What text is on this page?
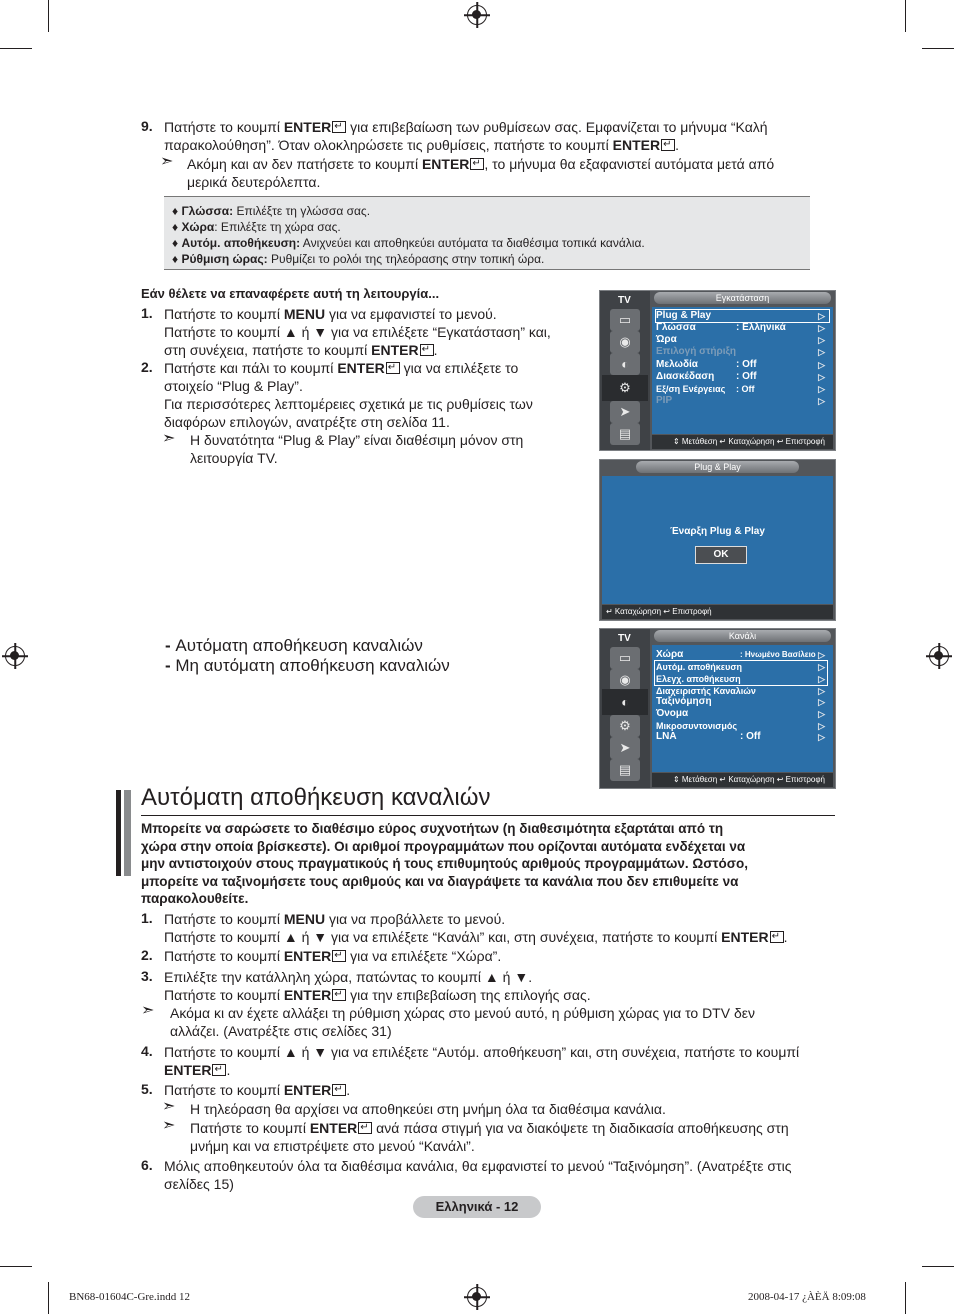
9. Πατήστε το κουμπί ENTER↵ για επιβεβαίωση των ρυθμίσεων σας. Εμφανίζεται το μήνυμα “Καλή
παρακολούθηση”. Όταν ολοκληρώσετε τις ρυθμίσεις, πατήστε το κουμπί ENTER ↵ .
➣ Ακόμη και αν δεν πατήσετε το κουμπί ENTER ↵ , το μήνυμα θα εξαφανιστεί αυτόματα μετά από
μερικά δευτερόλεπτα.
♦ Γλώσσα: Επιλέξτε τη γλώσσα σας.
♦ Χώρα: Επιλέξτε τη χώρα σας.
♦ Αυτόμ. αποθήκευση: Ανιχνεύει και αποθηκεύει αυτόματα τα διαθέσιμα τοπικά κανάλια.
♦ Ρύθμιση ώρας: Ρυθμίζει το ρολόι της τηλεόρασης στην τοπική ώρα.
Εάν θέλετε να επαναφέρετε αυτή τη λειτουργία...
1. Πατήστε το κουμπί MENU για να εμφανιστεί το μενού.
Πατήστε το κουμπί ▲ ή ▼ για να επιλέξετε “Εγκατάσταση” και,
στη συνέχεια, πατήστε το κουμπί ENTER ↵ .
2. Πατήστε και πάλι το κουμπί ENTER↵ για να επιλέξετε το
στοιχείο “Plug & Play”.
Για περισσότερες λεπτομέρειες σχετικά με τις ρυθμίσεις των
διαφόρων επιλογών, ανατρέξτε στη σελίδα 11.
➣ Η δυνατότητα “Plug & Play” είναι διαθέσιμη μόνον στη
λειτουργία TV.
- Αυτόματη αποθήκευση καναλιών
- Μη αυτόματη αποθήκευση καναλιών
TV
▭
◉
◐
⚙
➤
▤
Εγκατάσταση
Plug & Play	▷
Γλώσσα	: Ελληνικά	▷
Ώρα	▷
Επιλογή στήριξη	▷
Μελωδία	: Off	▷
Διασκέδαση : Off	▷
Εξ/ση Ενέργειας : Off	▷
PIP	▷
⇕ Μετάθεση ↵ Καταχώρηση ↩ Επιστροφή
Plug & Play
Έναρξη Plug & Play
OK
↵ Καταχώρηση ↩ Επιστροφή
TV
▭
◉
◐
⚙
➤
▤
Κανάλι
Χώρα	: Ηνωμένο Βασίλειο ▷
Αυτόμ. αποθήκευση	▷
Ελεγχ. αποθήκευση	▷
Διαχειριστής Καναλιών	▷
Ταξινόμηση	▷
Όνομα	▷
Μικροσυντονισμός	▷
LNA	: Off	▷
⇕ Μετάθεση ↵ Καταχώρηση ↩ Επιστροφή
Αυτόματη αποθήκευση καναλιών
Μπορείτε να σαρώσετε το διαθέσιμο εύρος συχνοτήτων (η διαθεσιμότητα εξαρτάται από τη
χώρα στην οποία βρίσκεστε). Οι αριθμοί προγραμμάτων που ορίζονται αυτόματα ενδέχεται να
μην αντιστοιχούν στους πραγματικούς ή τους επιθυμητούς αριθμούς προγραμμάτων. Ωστόσο,
μπορείτε να ταξινομήσετε τους αριθμούς και να διαγράψετε τα κανάλια που δεν επιθυμείτε να
παρακολουθείτε.
1. Πατήστε το κουμπί MENU για να προβάλλετε το μενού.
Πατήστε το κουμπί ▲ ή ▼ για να επιλέξετε “Κανάλι” και, στη συνέχεια, πατήστε το κουμπί ENTER ↵ .
2. Πατήστε το κουμπί ENTER↵ για να επιλέξετε “Χώρα”.
3. Επιλέξτε την κατάλληλη χώρα, πατώντας το κουμπί ▲ ή ▼.
Πατήστε το κουμπί ENTER↵ για την επιβεβαίωση της επιλογής σας.
➣ Ακόμα κι αν έχετε αλλάξει τη ρύθμιση χώρας στο μενού αυτό, η ρύθμιση χώρας για το DTV δεν
αλλάζει. (Ανατρέξτε στις σελίδες 31)
4. Πατήστε το κουμπί ▲ ή ▼ για να επιλέξετε “Αυτόμ. αποθήκευση” και, στη συνέχεια, πατήστε το κουμπί
ENTER ↵ .
5. Πατήστε το κουμπί ENTER ↵ .
➣ Η τηλεόραση θα αρχίσει να αποθηκεύει στη μνήμη όλα τα διαθέσιμα κανάλια.
➣ Πατήστε το κουμπί ENTER↵ ανά πάσα στιγμή για να διακόψετε τη διαδικασία αποθήκευσης στη
μνήμη και να επιστρέψετε στο μενού “Κανάλι”.
6. Μόλις αποθηκευτούν όλα τα διαθέσιμα κανάλια, θα εμφανιστεί το μενού “Ταξινόμηση”. (Ανατρέξτε στις
σελίδες 15)
Ελληνικά - 12
BN68-01604C-Gre.indd 12	2008-04-17 ¿ÀÈÄ 8:09:08
